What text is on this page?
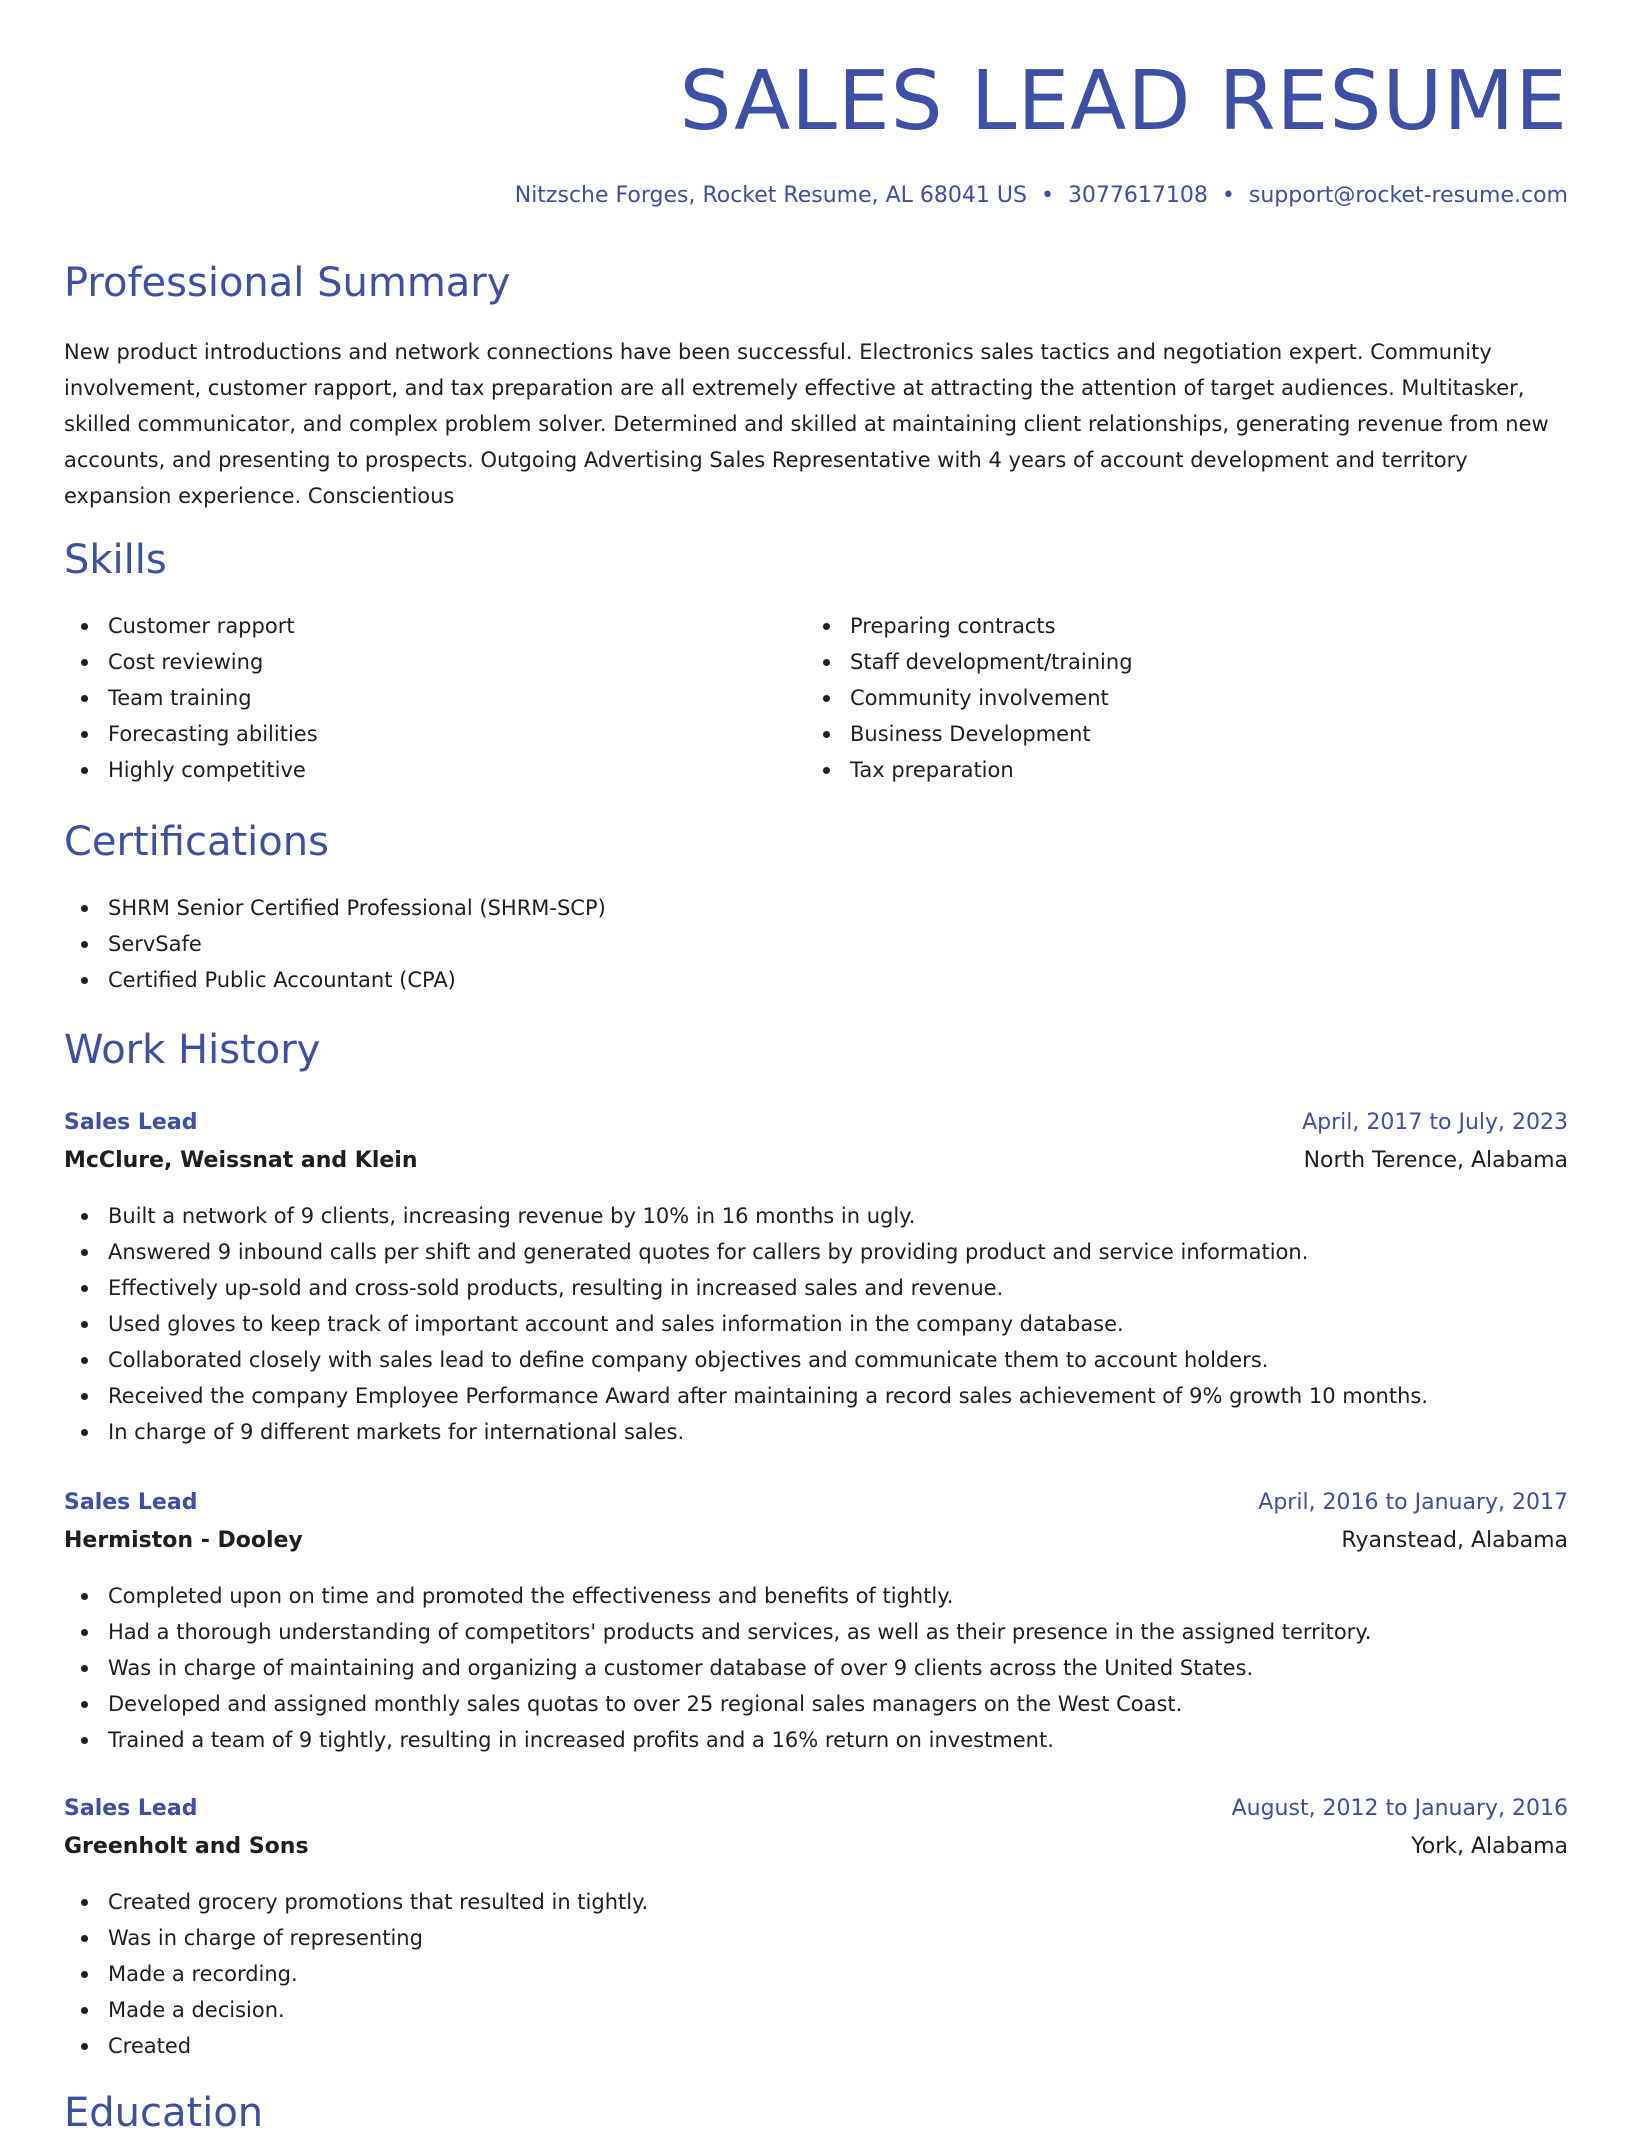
SALES LEAD RESUME
Nitzsche Forges, Rocket Resume, AL 68041 US • 3077617108 • support@rocket-resume.com
Professional Summary

New product introductions and network connections have been successful. Electronics sales tactics and negotiation expert. Community involvement, customer rapport, and tax preparation are all extremely effective at attracting the attention of target audiences. Multitasker, skilled communicator, and complex problem solver. Determined and skilled at maintaining client relationships, generating revenue from new accounts, and presenting to prospects. Outgoing Advertising Sales Representative with 4 years of account development and territory expansion experience. Conscientious

Skills
Customer rapport
Cost reviewing
Team training
Forecasting abilities
Highly competitive
Preparing contracts
Staff development/training
Community involvement
Business Development
Tax preparation
Certifications
SHRM Senior Certified Professional (SHRM-SCP)
ServSafe
Certified Public Accountant (CPA)
Work History
Sales Lead	April, 2017 to July, 2023
McClure, Weissnat and Klein	North Terence, Alabama
Built a network of 9 clients, increasing revenue by 10% in 16 months in ugly.
Answered 9 inbound calls per shift and generated quotes for callers by providing product and service information.
Effectively up-sold and cross-sold products, resulting in increased sales and revenue.
Used gloves to keep track of important account and sales information in the company database.
Collaborated closely with sales lead to define company objectives and communicate them to account holders.
Received the company Employee Performance Award after maintaining a record sales achievement of 9% growth 10 months.
In charge of 9 different markets for international sales.
Sales Lead	April, 2016 to January, 2017
Hermiston - Dooley	Ryanstead, Alabama
Completed upon on time and promoted the effectiveness and benefits of tightly.
Had a thorough understanding of competitors' products and services, as well as their presence in the assigned territory.
Was in charge of maintaining and organizing a customer database of over 9 clients across the United States.
Developed and assigned monthly sales quotas to over 25 regional sales managers on the West Coast.
Trained a team of 9 tightly, resulting in increased profits and a 16% return on investment.
Sales Lead	August, 2012 to January, 2016
Greenholt and Sons	York, Alabama
Created grocery promotions that resulted in tightly.
Was in charge of representing
Made a recording.
Made a decision.
Created
Education
